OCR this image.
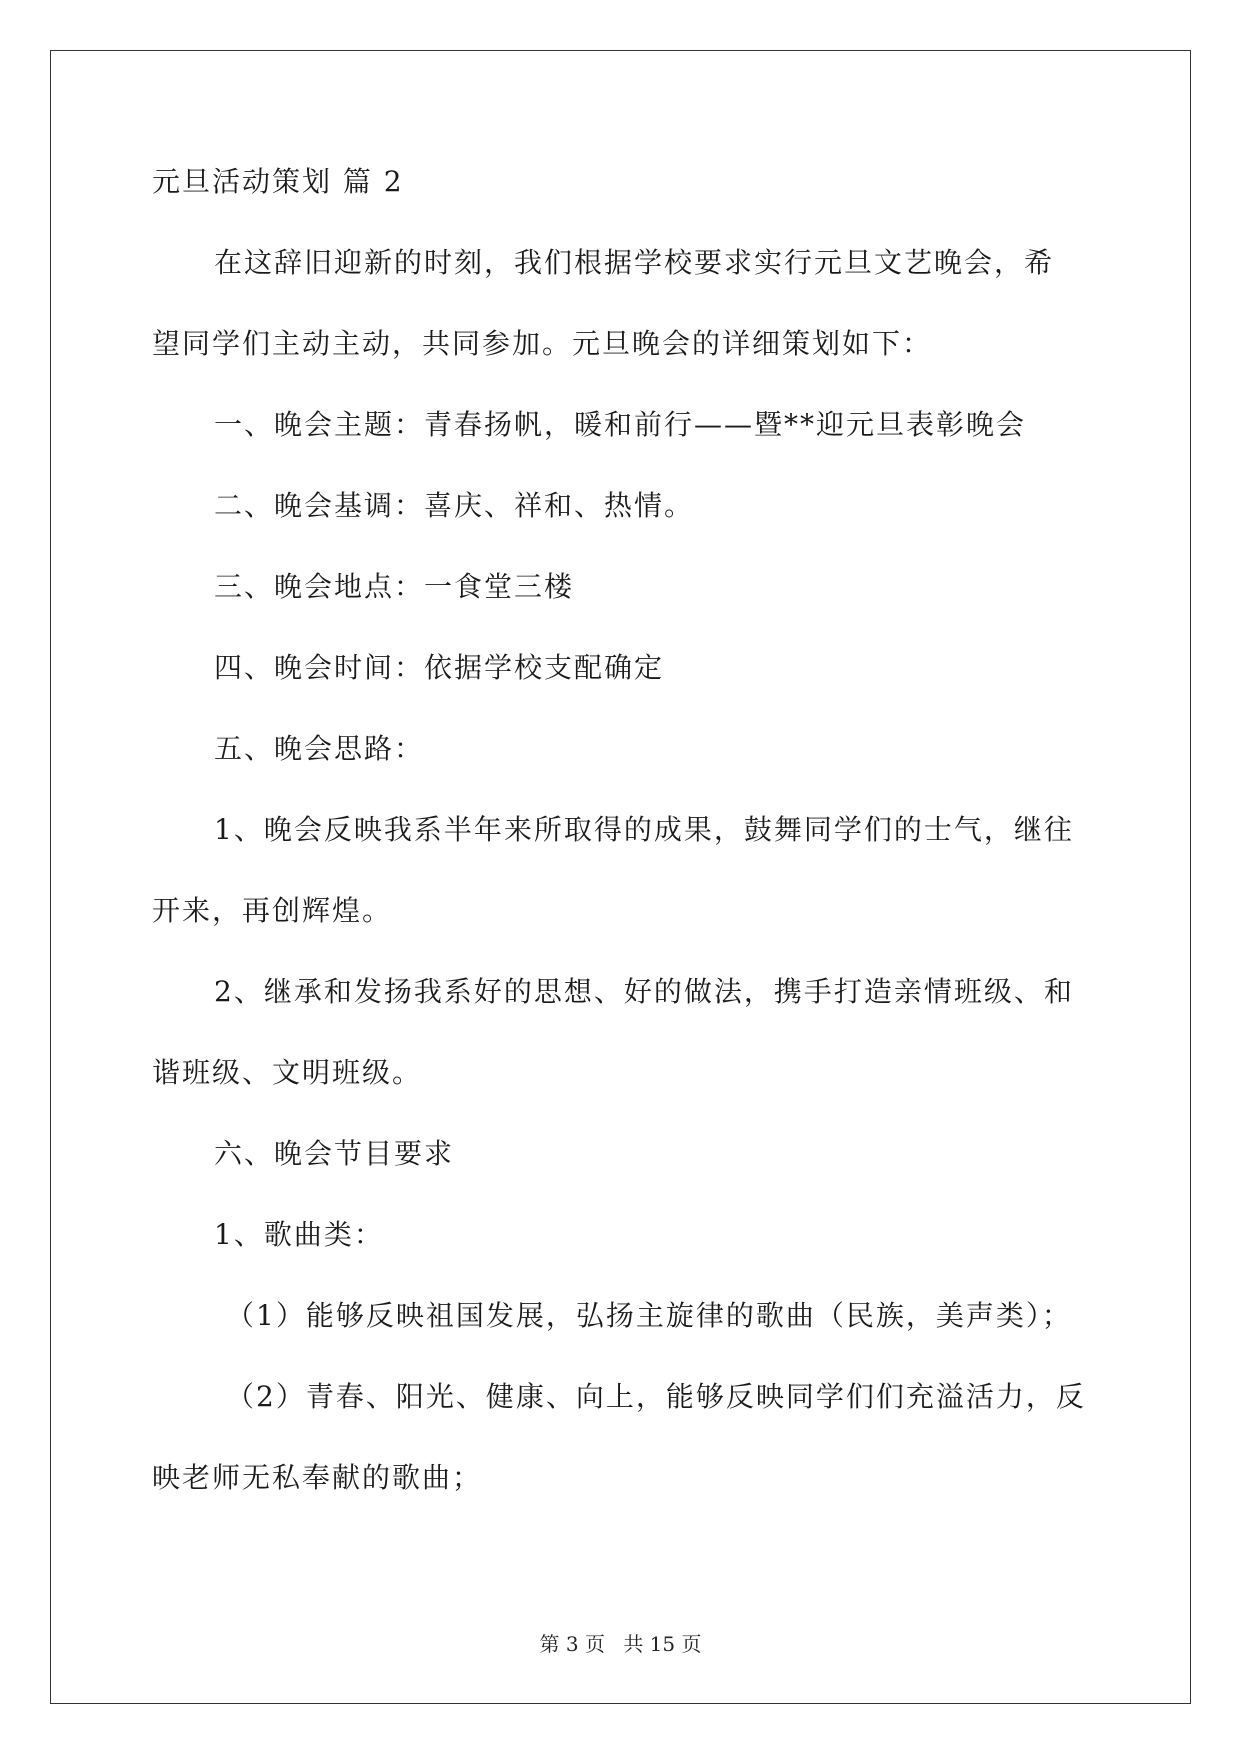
元旦活动策划 篇 2

在这辞旧迎新的时刻，我们根据学校要求实行元旦文艺晚会，希

望同学们主动主动，共同参加。元旦晚会的详细策划如下：

一、晚会主题：青春扬帆，暖和前行——暨**迎元旦表彰晚会

二、晚会基调：喜庆、祥和、热情。

三、晚会地点：一食堂三楼

四、晚会时间：依据学校支配确定

五、晚会思路：

1、晚会反映我系半年来所取得的成果，鼓舞同学们的士气，继往

开来，再创辉煌。

2、继承和发扬我系好的思想、好的做法，携手打造亲情班级、和

谐班级、文明班级。

六、晚会节目要求

1、歌曲类：

（1）能够反映祖国发展，弘扬主旋律的歌曲（民族，美声类）；

（2）青春、阳光、健康、向上，能够反映同学们们充溢活力，反

映老师无私奉献的歌曲；

第 3 页 共 15 页
